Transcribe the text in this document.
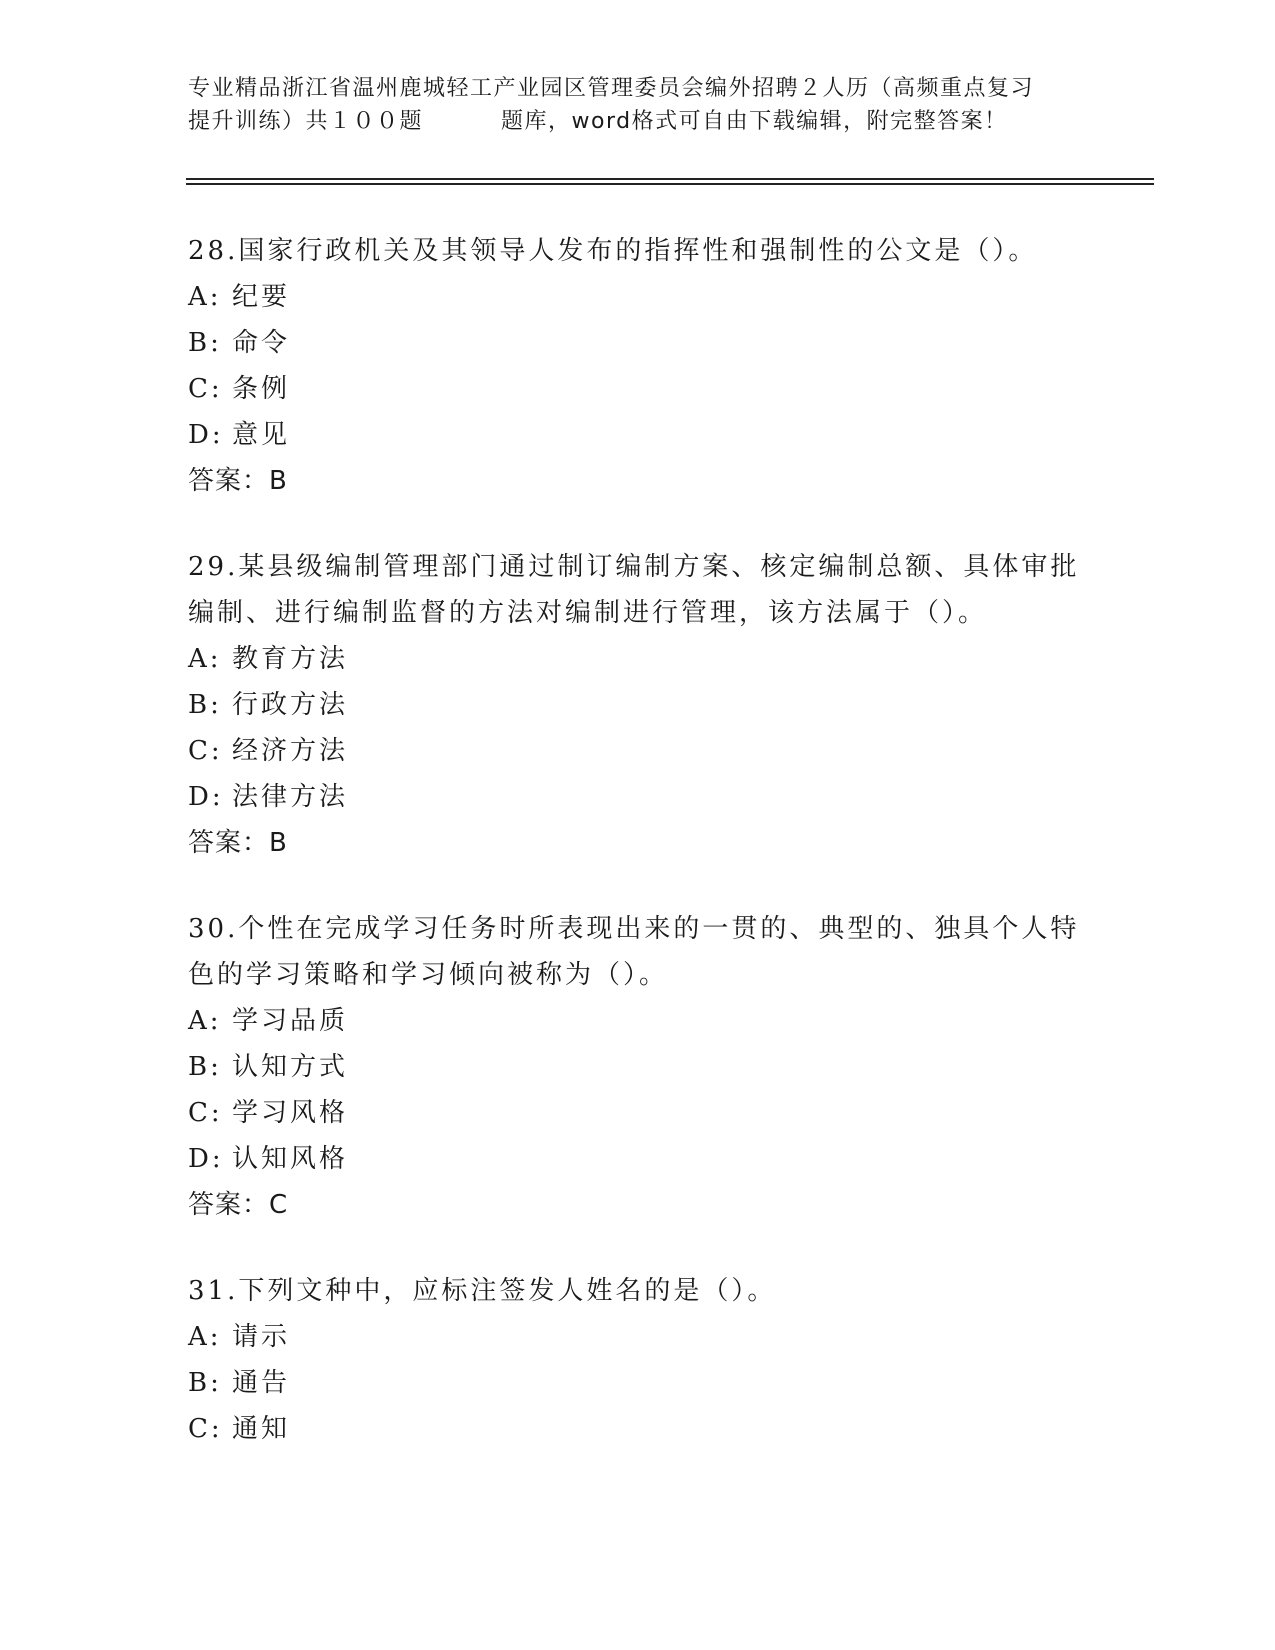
专业精品浙江省温州鹿城轻工产业园区管理委员会编外招聘２人历（高频重点复习
提升训练）共１００题	题库，word格式可自由下载编辑，附完整答案！
28.国家行政机关及其领导人发布的指挥性和强制性的公文是（）。
A: 纪要
B: 命令
C: 条例
D: 意见
答案：B
29.某县级编制管理部门通过制订编制方案、核定编制总额、具体审批编制、进行编制监督的方法对编制进行管理，该方法属于（）。
A: 教育方法
B: 行政方法
C: 经济方法
D: 法律方法
答案：B
30.个性在完成学习任务时所表现出来的一贯的、典型的、独具个人特色的学习策略和学习倾向被称为（）。
A: 学习品质
B: 认知方式
C: 学习风格
D: 认知风格
答案：C
31.下列文种中，应标注签发人姓名的是（）。
A: 请示
B: 通告
C: 通知
